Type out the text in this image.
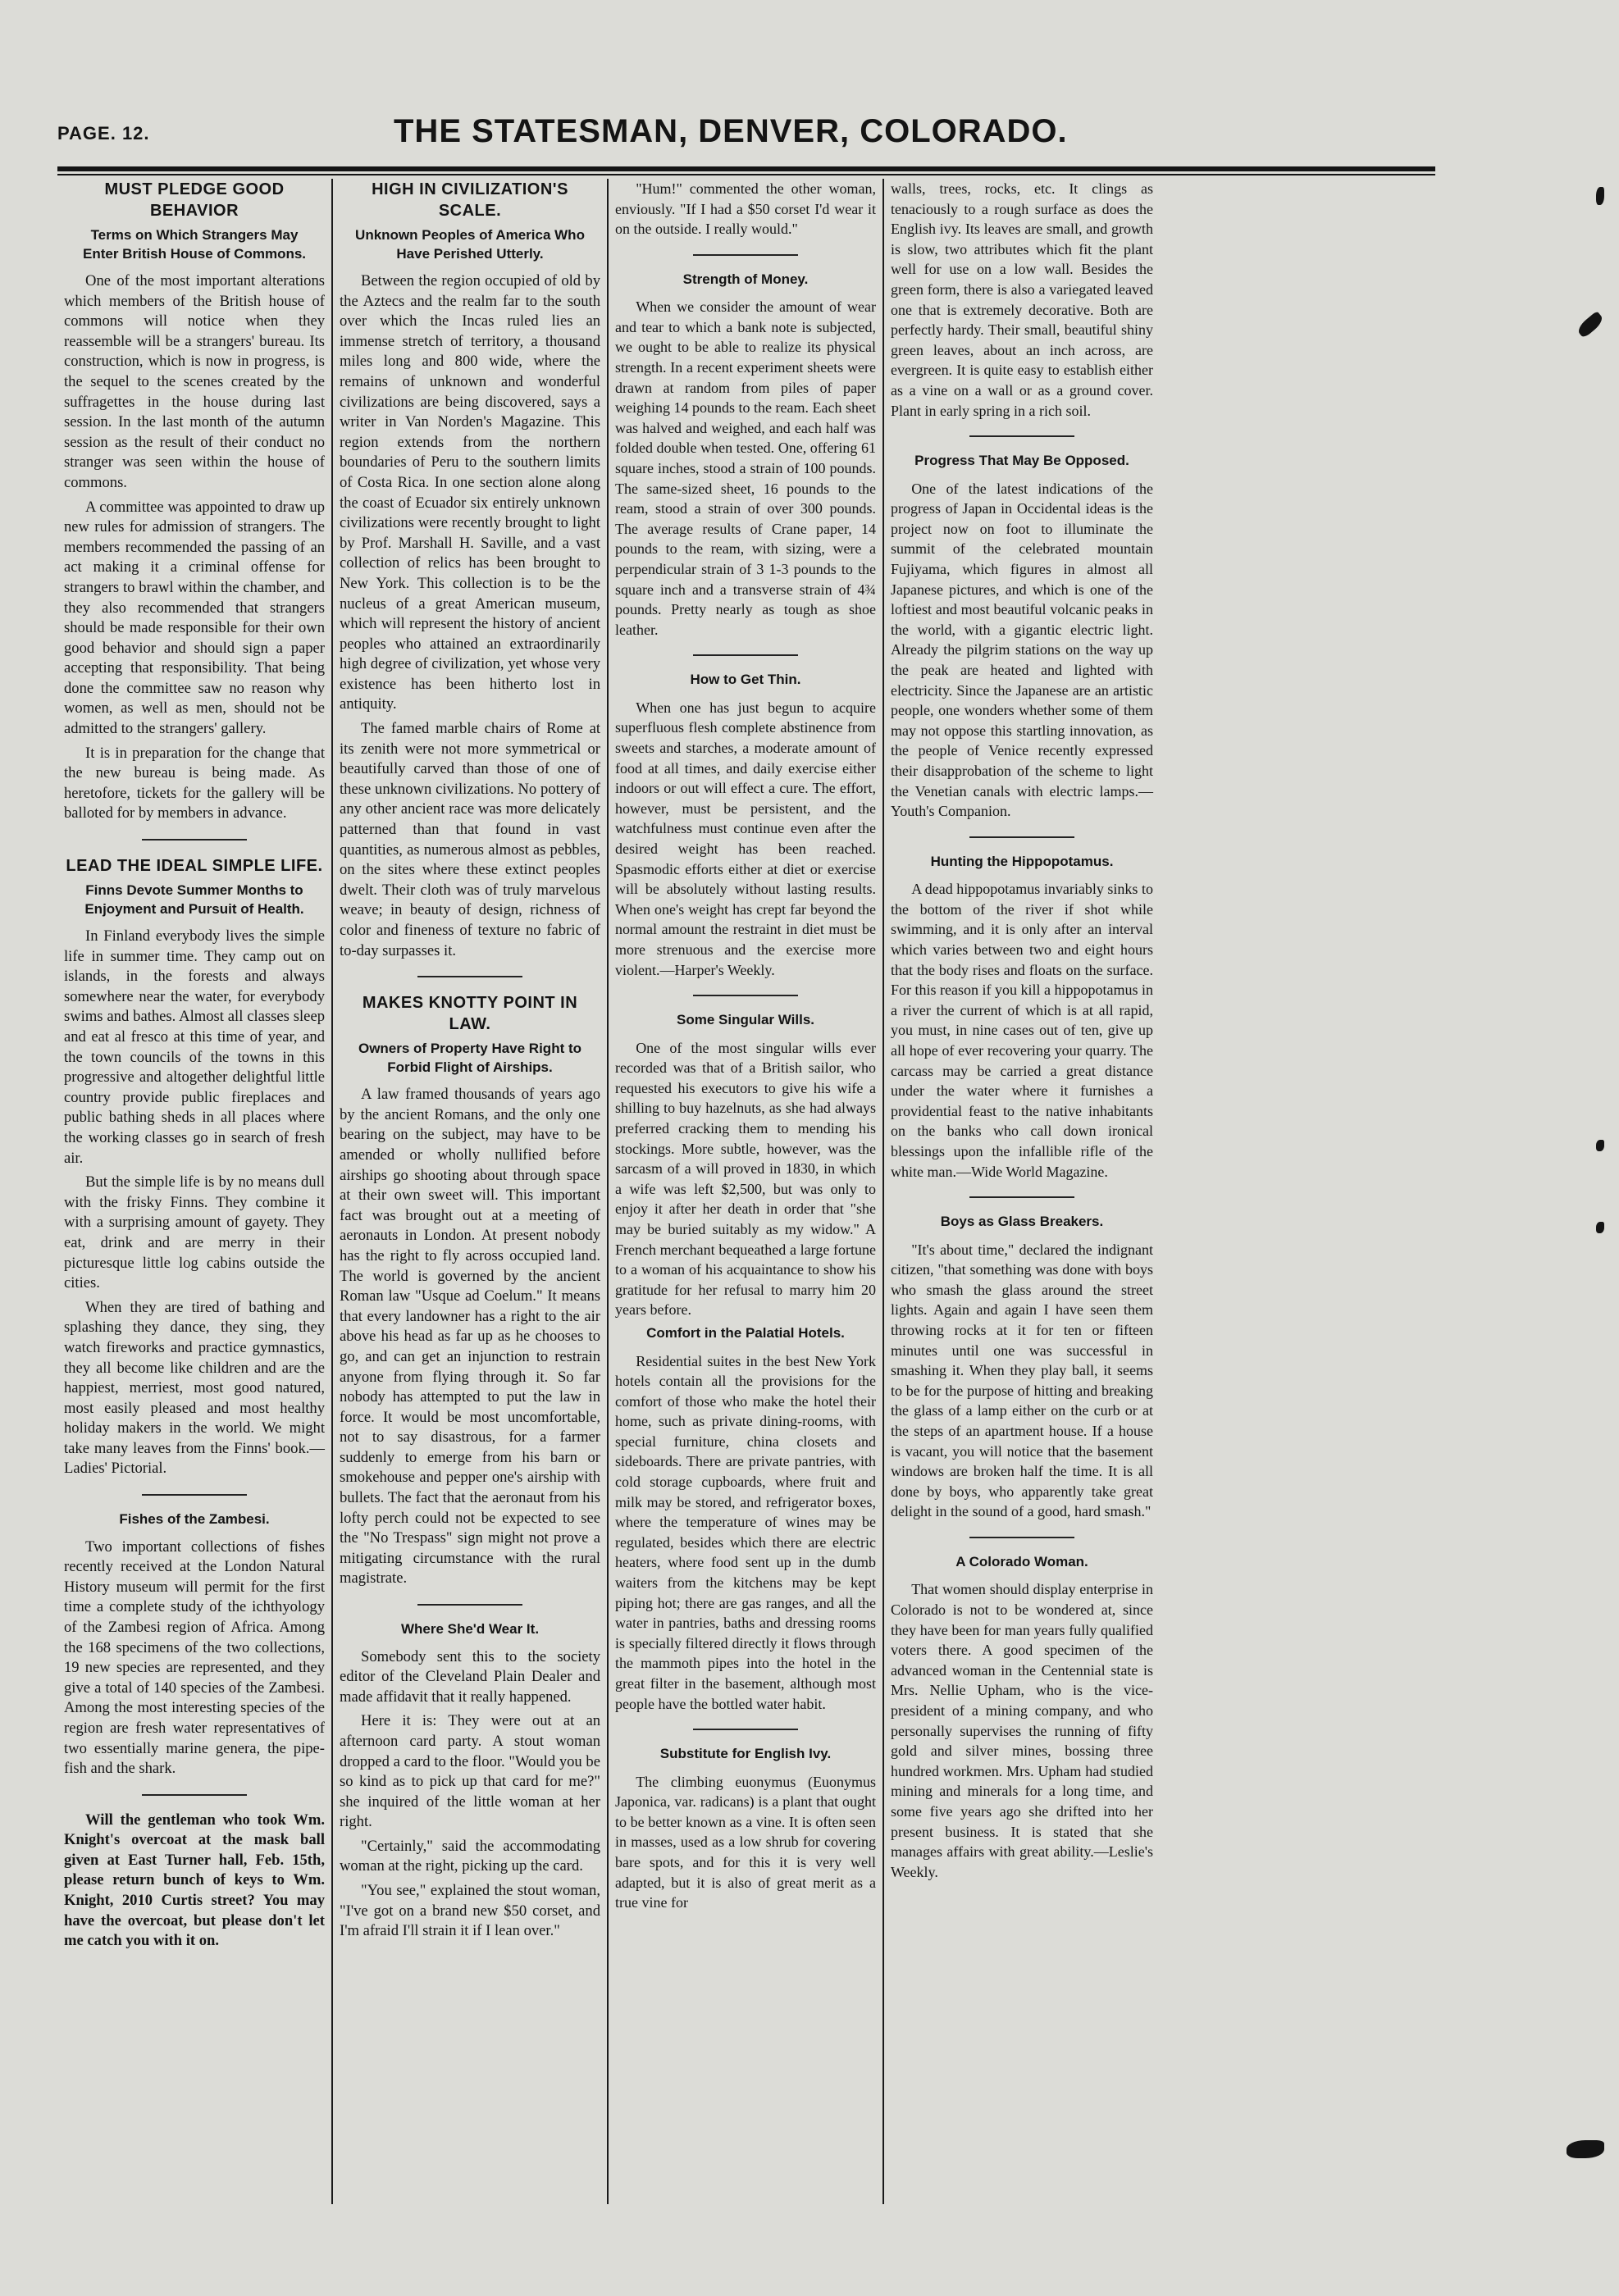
PAGE. 12.	THE STATESMAN, DENVER, COLORADO.
MUST PLEDGE GOOD BEHAVIOR
Terms on Which Strangers May Enter British House of Commons.

One of the most important alterations which members of the British house of commons will notice when they reassemble will be a strangers' bureau. Its construction, which is now in progress, is the sequel to the scenes created by the suffragettes in the house during last session. In the last month of the autumn session as the result of their conduct no stranger was seen within the house of commons.

A committee was appointed to draw up new rules for admission of strangers. The members recommended the passing of an act making it a criminal offense for strangers to brawl within the chamber, and they also recommended that strangers should be made responsible for their own good behavior and should sign a paper accepting that responsibility. That being done the committee saw no reason why women, as well as men, should not be admitted to the strangers' gallery.

It is in preparation for the change that the new bureau is being made. As heretofore, tickets for the gallery will be balloted for by members in advance.

LEAD THE IDEAL SIMPLE LIFE.
Finns Devote Summer Months to Enjoyment and Pursuit of Health.

In Finland everybody lives the simple life in summer time. They camp out on islands, in the forests and always somewhere near the water, for everybody swims and bathes. Almost all classes sleep and eat al fresco at this time of year, and the town councils of the towns in this progressive and altogether delightful little country provide public fireplaces and public bathing sheds in all places where the working classes go in search of fresh air.

But the simple life is by no means dull with the frisky Finns. They combine it with a surprising amount of gayety. They eat, drink and are merry in their picturesque little log cabins outside the cities.

When they are tired of bathing and splashing they dance, they sing, they watch fireworks and practice gymnastics, they all become like children and are the happiest, merriest, most good natured, most easily pleased and most healthy holiday makers in the world. We might take many leaves from the Finns' book.—Ladies' Pictorial.

Fishes of the Zambesi.

Two important collections of fishes recently received at the London Natural History museum will permit for the first time a complete study of the ichthyology of the Zambesi region of Africa. Among the 168 specimens of the two collections, 19 new species are represented, and they give a total of 140 species of the Zambesi. Among the most interesting species of the region are fresh water representatives of two essentially marine genera, the pipe-fish and the shark.

Will the gentleman who took Wm. Knight's overcoat at the mask ball given at East Turner hall, Feb. 15th, please return bunch of keys to Wm. Knight, 2010 Curtis street? You may have the overcoat, but please don't let me catch you with it on.

HIGH IN CIVILIZATION'S SCALE.
Unknown Peoples of America Who Have Perished Utterly.

Between the region occupied of old by the Aztecs and the realm far to the south over which the Incas ruled lies an immense stretch of territory, a thousand miles long and 800 wide, where the remains of unknown and wonderful civilizations are being discovered, says a writer in Van Norden's Magazine. This region extends from the northern boundaries of Peru to the southern limits of Costa Rica. In one section alone along the coast of Ecuador six entirely unknown civilizations were recently brought to light by Prof. Marshall H. Saville, and a vast collection of relics has been brought to New York. This collection is to be the nucleus of a great American museum, which will represent the history of ancient peoples who attained an extraordinarily high degree of civilization, yet whose very existence has been hitherto lost in antiquity.

The famed marble chairs of Rome at its zenith were not more symmetrical or beautifully carved than those of one of these unknown civilizations. No pottery of any other ancient race was more delicately patterned than that found in vast quantities, as numerous almost as pebbles, on the sites where these extinct peoples dwelt. Their cloth was of truly marvelous weave; in beauty of design, richness of color and fineness of texture no fabric of to-day surpasses it.

MAKES KNOTTY POINT IN LAW.
Owners of Property Have Right to Forbid Flight of Airships.

A law framed thousands of years ago by the ancient Romans, and the only one bearing on the subject, may have to be amended or wholly nullified before airships go shooting about through space at their own sweet will. This important fact was brought out at a meeting of aeronauts in London. At present nobody has the right to fly across occupied land. The world is governed by the ancient Roman law "Usque ad Coelum." It means that every landowner has a right to the air above his head as far up as he chooses to go, and can get an injunction to restrain anyone from flying through it. So far nobody has attempted to put the law in force. It would be most uncomfortable, not to say disastrous, for a farmer suddenly to emerge from his barn or smokehouse and pepper one's airship with bullets. The fact that the aeronaut from his lofty perch could not be expected to see the "No Trespass" sign might not prove a mitigating circumstance with the rural magistrate.

Where She'd Wear It.

Somebody sent this to the society editor of the Cleveland Plain Dealer and made affidavit that it really happened.

Here it is: They were out at an afternoon card party. A stout woman dropped a card to the floor. "Would you be so kind as to pick up that card for me?" she inquired of the little woman at her right.

"Certainly," said the accommodating woman at the right, picking up the card.

"You see," explained the stout woman, "I've got on a brand new $50 corset, and I'm afraid I'll strain it if I lean over."

"Hum!" commented the other woman, enviously. "If I had a $50 corset I'd wear it on the outside. I really would."

Strength of Money.

When we consider the amount of wear and tear to which a bank note is subjected, we ought to be able to realize its physical strength. In a recent experiment sheets were drawn at random from piles of paper weighing 14 pounds to the ream. Each sheet was halved and weighed, and each half was folded double when tested. One, offering 61 square inches, stood a strain of 100 pounds. The same-sized sheet, 16 pounds to the ream, stood a strain of over 300 pounds. The average results of Crane paper, 14 pounds to the ream, with sizing, were a perpendicular strain of 3 1-3 pounds to the square inch and a transverse strain of 4¾ pounds. Pretty nearly as tough as shoe leather.

How to Get Thin.

When one has just begun to acquire superfluous flesh complete abstinence from sweets and starches, a moderate amount of food at all times, and daily exercise either indoors or out will effect a cure. The effort, however, must be persistent, and the watchfulness must continue even after the desired weight has been reached. Spasmodic efforts either at diet or exercise will be absolutely without lasting results. When one's weight has crept far beyond the normal amount the restraint in diet must be more strenuous and the exercise more violent.—Harper's Weekly.

Some Singular Wills.

One of the most singular wills ever recorded was that of a British sailor, who requested his executors to give his wife a shilling to buy hazelnuts, as she had always preferred cracking them to mending his stockings. More subtle, however, was the sarcasm of a will proved in 1830, in which a wife was left $2,500, but was only to enjoy it after her death in order that "she may be buried suitably as my widow." A French merchant bequeathed a large fortune to a woman of his acquaintance to show his gratitude for her refusal to marry him 20 years before.

Comfort in the Palatial Hotels.

Residential suites in the best New York hotels contain all the provisions for the comfort of those who make the hotel their home, such as private dining-rooms, with special furniture, china closets and sideboards. There are private pantries, with cold storage cupboards, where fruit and milk may be stored, and refrigerator boxes, where the temperature of wines may be regulated, besides which there are electric heaters, where food sent up in the dumb waiters from the kitchens may be kept piping hot; there are gas ranges, and all the water in pantries, baths and dressing rooms is specially filtered directly it flows through the mammoth pipes into the hotel in the great filter in the basement, although most people have the bottled water habit.

Substitute for English Ivy.

The climbing euonymus (Euonymus Japonica, var. radicans) is a plant that ought to be better known as a vine. It is often seen in masses, used as a low shrub for covering bare spots, and for this it is very well adapted, but it is also of great merit as a true vine for

walls, trees, rocks, etc. It clings as tenaciously to a rough surface as does the English ivy. Its leaves are small, and growth is slow, two attributes which fit the plant well for use on a low wall. Besides the green form, there is also a variegated leaved one that is extremely decorative. Both are perfectly hardy. Their small, beautiful shiny green leaves, about an inch across, are evergreen. It is quite easy to establish either as a vine on a wall or as a ground cover. Plant in early spring in a rich soil.

Progress That May Be Opposed.

One of the latest indications of the progress of Japan in Occidental ideas is the project now on foot to illuminate the summit of the celebrated mountain Fujiyama, which figures in almost all Japanese pictures, and which is one of the loftiest and most beautiful volcanic peaks in the world, with a gigantic electric light. Already the pilgrim stations on the way up the peak are heated and lighted with electricity. Since the Japanese are an artistic people, one wonders whether some of them may not oppose this startling innovation, as the people of Venice recently expressed their disapprobation of the scheme to light the Venetian canals with electric lamps.—Youth's Companion.

Hunting the Hippopotamus.

A dead hippopotamus invariably sinks to the bottom of the river if shot while swimming, and it is only after an interval which varies between two and eight hours that the body rises and floats on the surface. For this reason if you kill a hippopotamus in a river the current of which is at all rapid, you must, in nine cases out of ten, give up all hope of ever recovering your quarry. The carcass may be carried a great distance under the water where it furnishes a providential feast to the native inhabitants on the banks who call down ironical blessings upon the infallible rifle of the white man.—Wide World Magazine.

Boys as Glass Breakers.

"It's about time," declared the indignant citizen, "that something was done with boys who smash the glass around the street lights. Again and again I have seen them throwing rocks at it for ten or fifteen minutes until one was successful in smashing it. When they play ball, it seems to be for the purpose of hitting and breaking the glass of a lamp either on the curb or at the steps of an apartment house. If a house is vacant, you will notice that the basement windows are broken half the time. It is all done by boys, who apparently take great delight in the sound of a good, hard smash."

A Colorado Woman.

That women should display enterprise in Colorado is not to be wondered at, since they have been for man years fully qualified voters there. A good specimen of the advanced woman in the Centennial state is Mrs. Nellie Upham, who is the vice-president of a mining company, and who personally supervises the running of fifty gold and silver mines, bossing three hundred workmen. Mrs. Upham had studied mining and minerals for a long time, and some five years ago she drifted into her present business. It is stated that she manages affairs with great ability.—Leslie's Weekly.
